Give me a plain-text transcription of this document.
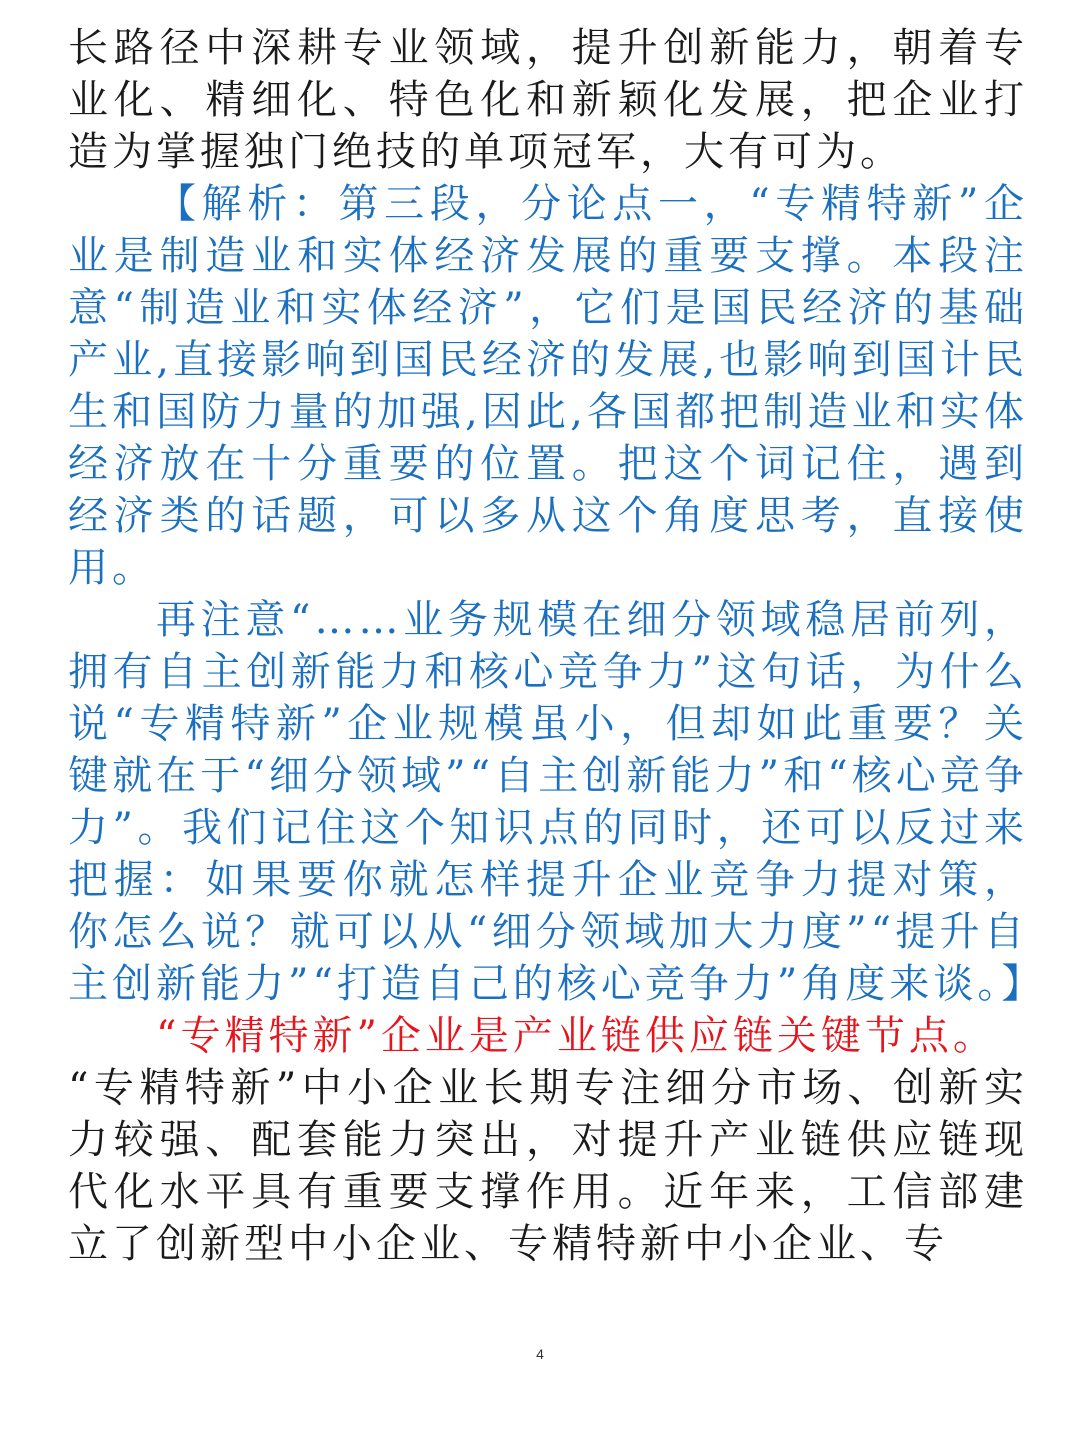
长路径中深耕专业领域，提升创新能力，朝着专业化、精细化、特色化和新颖化发展，把企业打造为掌握独门绝技的单项冠军，大有可为。

【解析：第三段，分论点一，“专精特新”企业是制造业和实体经济发展的重要支撑。本段注意“制造业和实体经济”，它们是国民经济的基础产业,直接影响到国民经济的发展,也影响到国计民生和国防力量的加强,因此,各国都把制造业和实体经济放在十分重要的位置。把这个词记住，遇到经济类的话题，可以多从这个角度思考，直接使用。

再注意“……业务规模在细分领域稳居前列，拥有自主创新能力和核心竞争力”这句话，为什么说“专精特新”企业规模虽小，但却如此重要？关键就在于“细分领域”“自主创新能力”和“核心竞争力”。我们记住这个知识点的同时，还可以反过来把握：如果要你就怎样提升企业竞争力提对策，你怎么说？就可以从“细分领域加大力度”“提升自主创新能力”“打造自己的核心竞争力”角度来谈。】

“专精特新”企业是产业链供应链关键节点。

“专精特新”中小企业长期专注细分市场、创新实力较强、配套能力突出，对提升产业链供应链现代化水平具有重要支撑作用。近年来，工信部建立了创新型中小企业、专精特新中小企业、专

4
